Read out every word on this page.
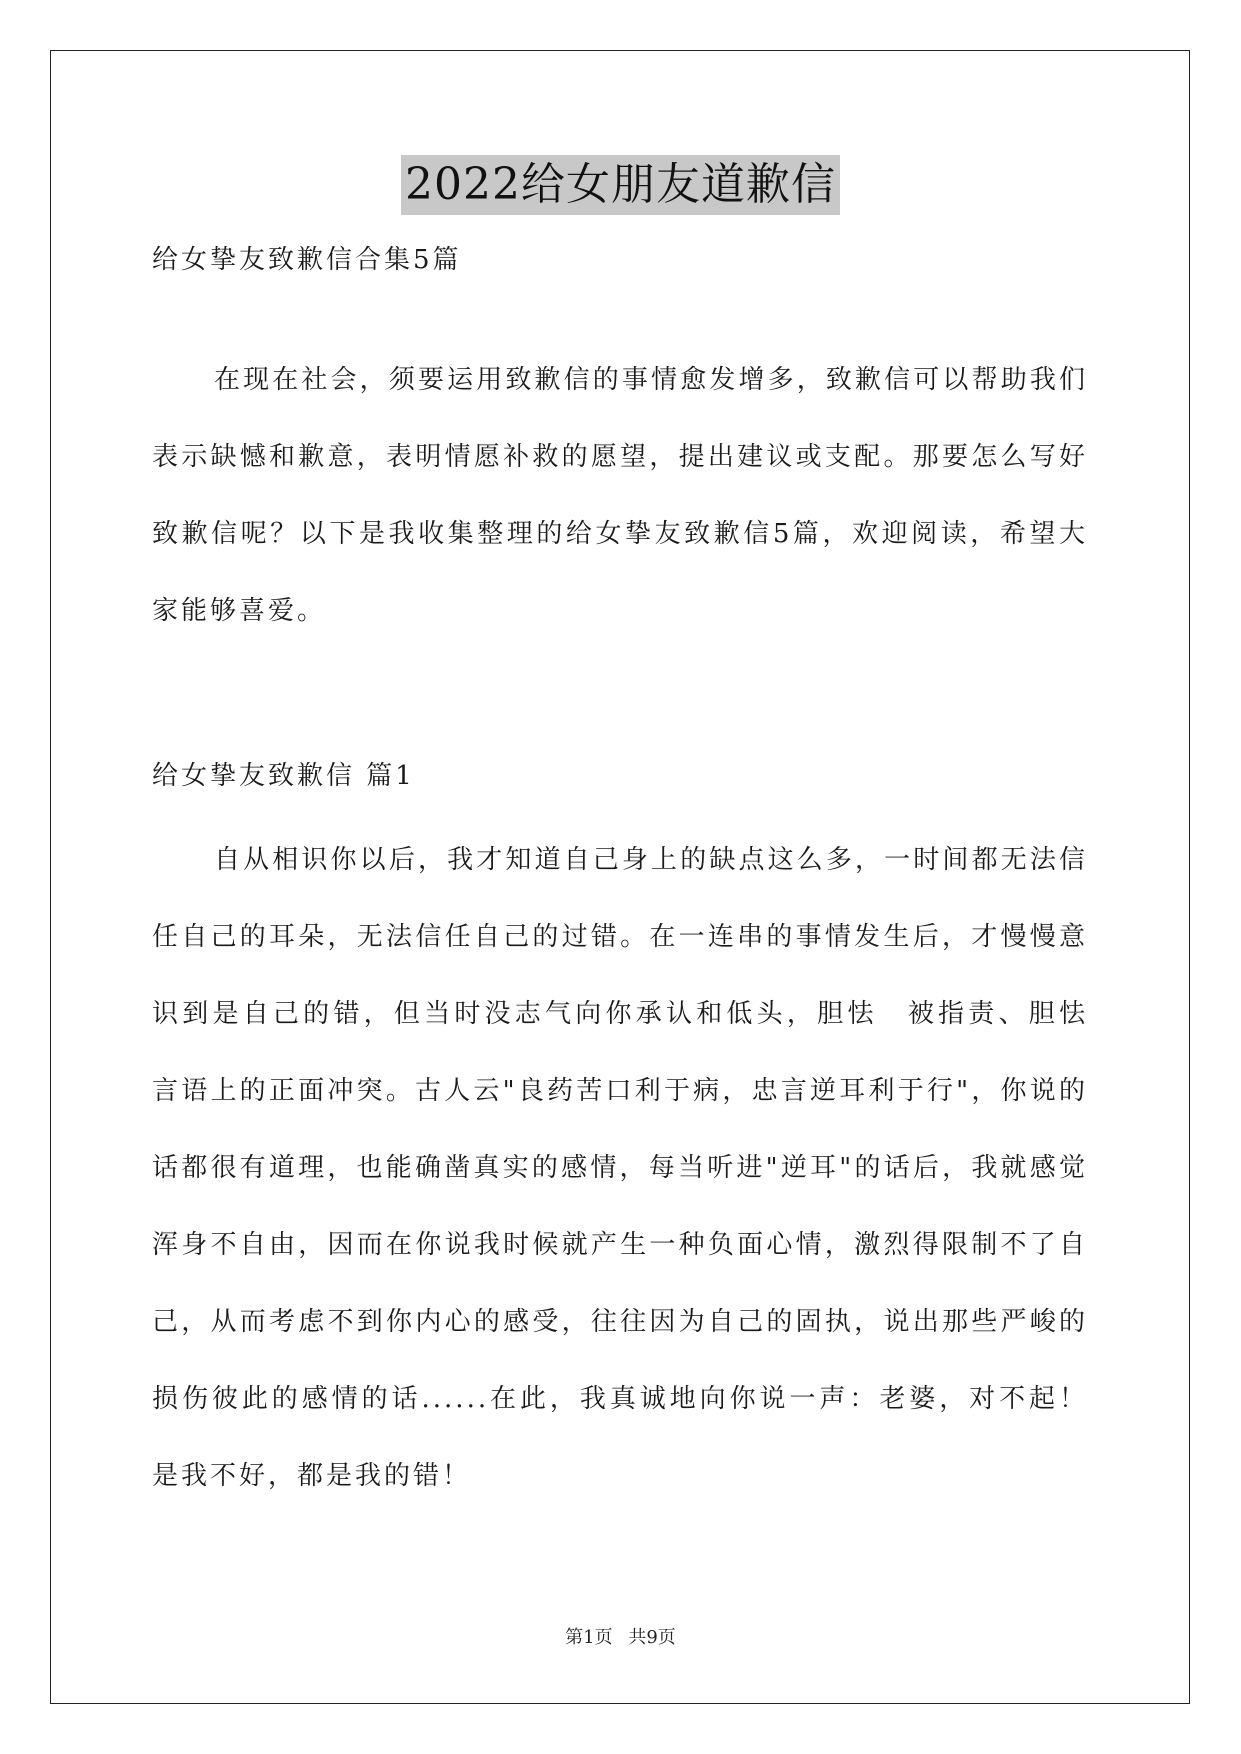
2022给女朋友道歉信
给女挚友致歉信合集5篇
在现在社会，须要运用致歉信的事情愈发增多，致歉信可以帮助我们表示缺憾和歉意，表明情愿补救的愿望，提出建议或支配。那要怎么写好致歉信呢？以下是我收集整理的给女挚友致歉信5篇，欢迎阅读，希望大家能够喜爱。
给女挚友致歉信 篇1
自从相识你以后，我才知道自己身上的缺点这么多，一时间都无法信任自己的耳朵，无法信任自己的过错。在一连串的事情发生后，才慢慢意识到是自己的错，但当时没志气向你承认和低头，胆怯　被指责、胆怯 言语上的正面冲突。古人云"良药苦口利于病，忠言逆耳利于行"，你说的话都很有道理，也能确凿真实的感情，每当听进"逆耳"的话后，我就感觉浑身不自由，因而在你说我时候就产生一种负面心情，激烈得限制不了自己，从而考虑不到你内心的感受，往往因为自己的固执，说出那些严峻的损伤彼此的感情的话......在此，我真诚地向你说一声：老婆，对不起！是我不好，都是我的错！
第1页 共9页
